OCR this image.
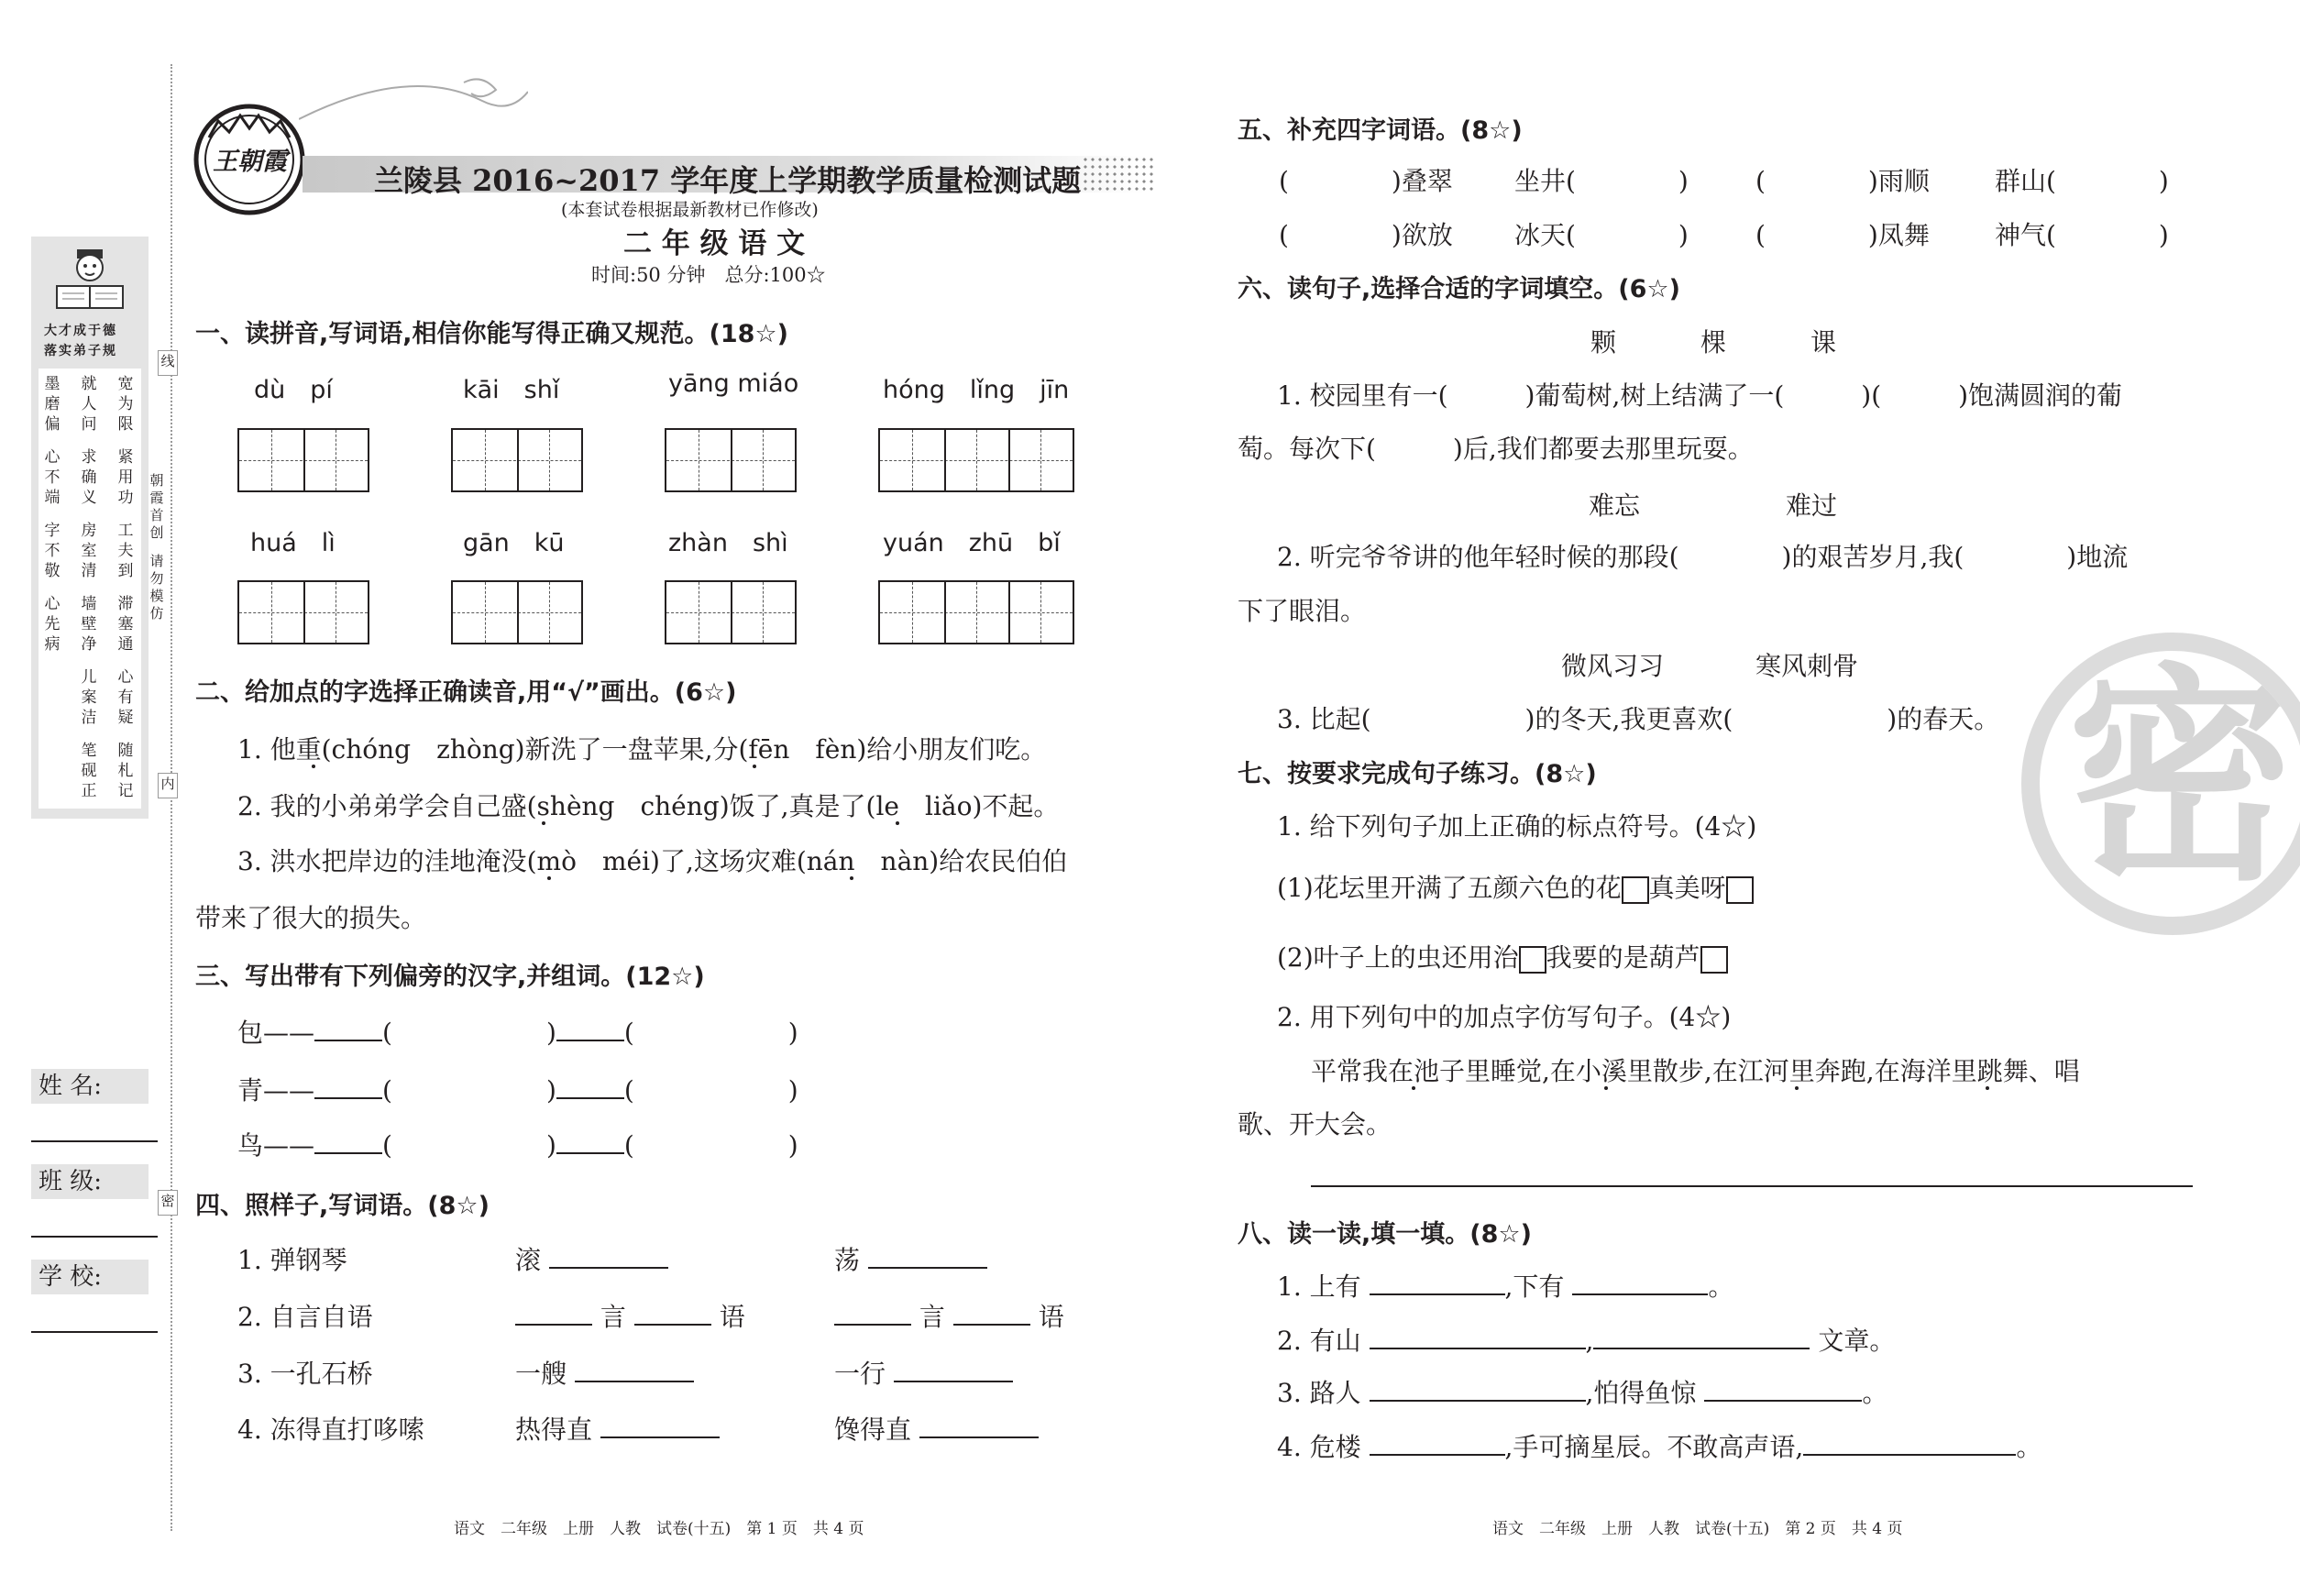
线
内
密
朝霞首创
请勿模仿
大才成于德
落实弟子规
墨磨偏
就人问
宽为限
心不端
求确义
紧用功
字不敬
房室清
工夫到
心先病
墙壁净
滞塞通
儿案洁
心有疑
笔砚正
随札记
姓 名:
班 级:
学 校:
王朝霞
兰陵县 2016~2017 学年度上学期教学质量检测试题
(本套试卷根据最新教材已作修改)
二 年 级 语 文
时间:50 分钟　总分:100☆
一、读拼音,写词语,相信你能写得正确又规范。(18☆)
dù　pí	kāi　shǐ	yāng miáo	hóng　lǐng　jīn
huá　lì	gān　kū	zhàn　shì	yuán　zhū　bǐ
二、给加点的字选择正确读音,用“√”画出。(6☆)
1. 他重(chóng　zhòng)新洗了一盘苹果,分(fēn　fèn)给小朋友们吃。
2. 我的小弟弟学会自己盛(shèng　chéng)饭了,真是了(le　liǎo)不起。
3. 洪水把岸边的洼地淹没(mò　méi)了,这场灾难(nán　nàn)给农民伯伯
带来了很大的损失。
三、写出带有下列偏旁的汉字,并组词。(12☆)
包——	(　　　　　　)	(　　　　　　)
青——	(　　　　　　)	(　　　　　　)
鸟——	(　　　　　　)	(　　　　　　)
四、照样子,写词语。(8☆)
1. 弹钢琴	滚	荡
2. 自言自语	言	语	言	语
3. 一孔石桥	一艘	一行
4. 冻得直打哆嗦	热得直	馋得直
语文　二年级　上册　人教　试卷(十五)　第 1 页　共 4 页
五、补充四字词语。(8☆)
(　　　　)叠翠 坐井(　　　　)	(　　　　)雨顺	群山(　　　　)
(　　　　)欲放 冰天(　　　　)	(　　　　)凤舞	神气(　　　　)
六、读句子,选择合适的字词填空。(6☆)
颗	棵	课
1. 校园里有一(　　　)葡萄树,树上结满了一(　　　)(　　　)饱满圆润的葡
萄。每次下(　　　)后,我们都要去那里玩耍。
难忘	难过
2. 听完爷爷讲的他年轻时候的那段(　　　　)的艰苦岁月,我(　　　　)地流
下了眼泪。
微风习习	寒风刺骨
3. 比起(　　　　　　)的冬天,我更喜欢(　　　　　　)的春天。
七、按要求完成句子练习。(8☆)
1. 给下列句子加上正确的标点符号。(4☆)
(1)花坛里开满了五颜六色的花 真美呀
(2)叶子上的虫还用治 我要的是葫芦
2. 用下列句中的加点字仿写句子。(4☆)
平常我在池子里睡觉,在小溪里散步,在江河里奔跑,在海洋里跳舞、唱
歌、开大会。
八、读一读,填一填。(8☆)
1. 上有	,下有	。
2. 有山	,	文章。
3. 路人	,怕得鱼惊	。
4. 危楼	,手可摘星辰。不敢高声语,	。
语文　二年级　上册　人教　试卷(十五)　第 2 页　共 4 页
密
